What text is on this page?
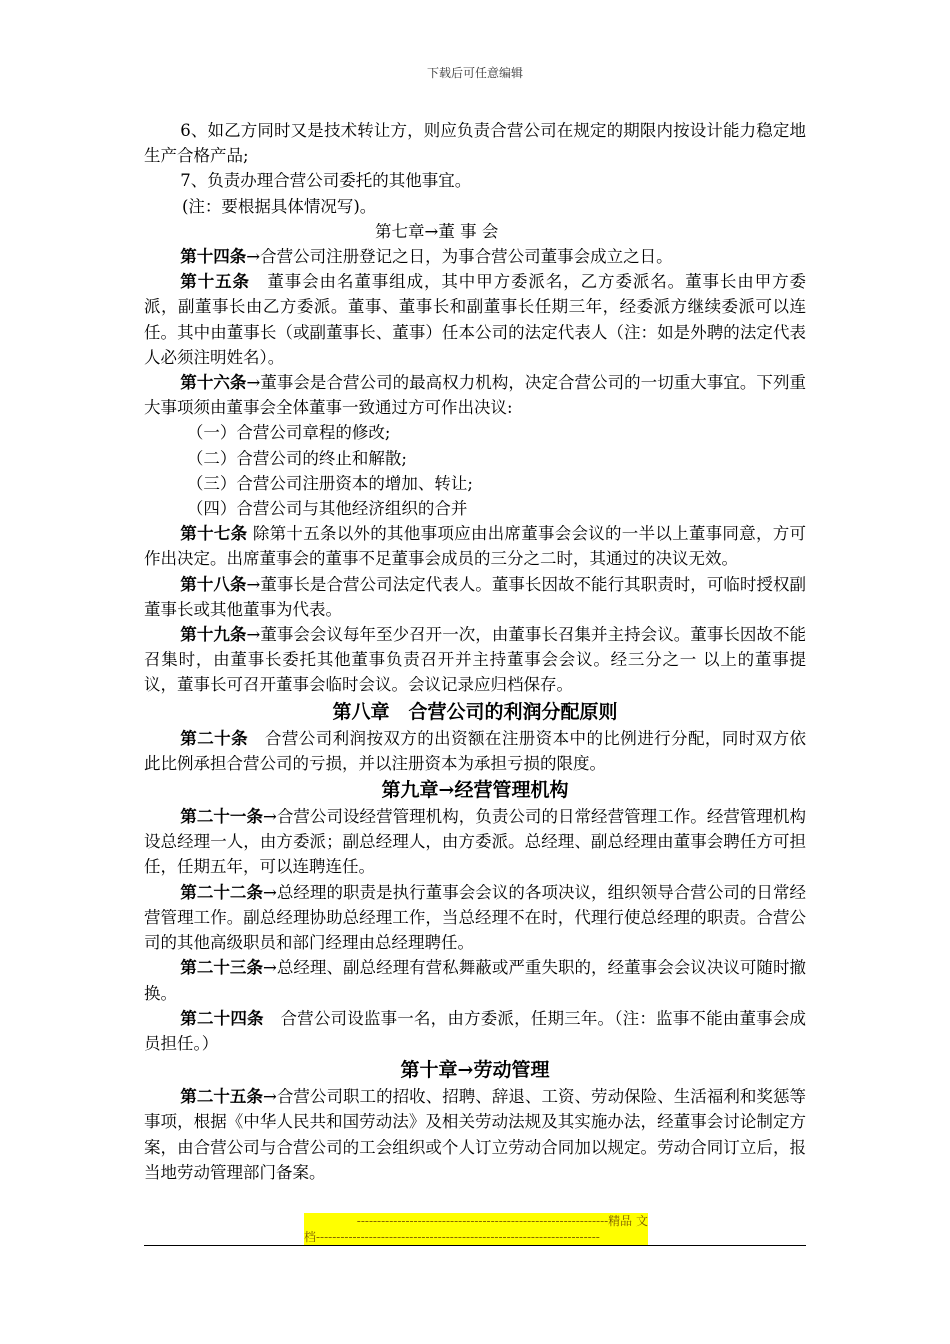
下载后可任意编辑

6、如乙方同时又是技术转让方，则应负责合营公司在规定的期限内按设计能力稳定地生产合格产品;

7、负责办理合营公司委托的其他事宜。

(注：要根据具体情况写)。

第七章→董 事 会

第十四条→合营公司注册登记之日，为事合营公司董事会成立之日。

第十五条　董事会由名董事组成，其中甲方委派名，乙方委派名。董事长由甲方委派，副董事长由乙方委派。董事、董事长和副董事长任期三年，经委派方继续委派可以连任。其中由董事长（或副董事长、董事）任本公司的法定代表人（注：如是外聘的法定代表人必须注明姓名）。

第十六条→董事会是合营公司的最高权力机构，决定合营公司的一切重大事宜。下列重大事项须由董事会全体董事一致通过方可作出决议:

（一）合营公司章程的修改;

（二）合营公司的终止和解散;

（三）合营公司注册资本的增加、转让;

（四）合营公司与其他经济组织的合并

第十七条 除第十五条以外的其他事项应由出席董事会会议的一半以上董事同意，方可作出决定。出席董事会的董事不足董事会成员的三分之二时，其通过的决议无效。

第十八条→董事长是合营公司法定代表人。董事长因故不能行其职责时，可临时授权副董事长或其他董事为代表。

第十九条→董事会会议每年至少召开一次，由董事长召集并主持会议。董事长因故不能召集时，由董事长委托其他董事负责召开并主持董事会会议。经三分之一 以上的董事提议，董事长可召开董事会临时会议。会议记录应归档保存。

第八章　合营公司的利润分配原则

第二十条　合营公司利润按双方的出资额在注册资本中的比例进行分配，同时双方依此比例承担合营公司的亏损，并以注册资本为承担亏损的限度。

第九章→经营管理机构

第二十一条→合营公司设经营管理机构，负责公司的日常经营管理工作。经营管理机构 设总经理一人，由方委派；副总经理人，由方委派。总经理、副总经理由董事会聘任方可担任，任期五年，可以连聘连任。

第二十二条→总经理的职责是执行董事会会议的各项决议，组织领导合营公司的日常经营管理工作。副总经理协助总经理工作，当总经理不在时，代理行使总经理的职责。合营公司的其他高级职员和部门经理由总经理聘任。

第二十三条→总经理、副总经理有营私舞蔽或严重失职的，经董事会会议决议可随时撤换。

第二十四条　合营公司设监事一名，由方委派，任期三年。（注：监事不能由董事会成员担任。）

第十章→劳动管理

第二十五条→合营公司职工的招收、招聘、辞退、工资、劳动保险、生活福利和奖惩等事项，根据《中华人民共和国劳动法》及相关劳动法规及其实施办法，经董事会讨论制定方案，由合营公司与合营公司的工会组织或个人订立劳动合同加以规定。劳动合同订立后，报当地劳动管理部门备案。

--------------------------------------------------------------精品 文
档----------------------------------------------------------------------
